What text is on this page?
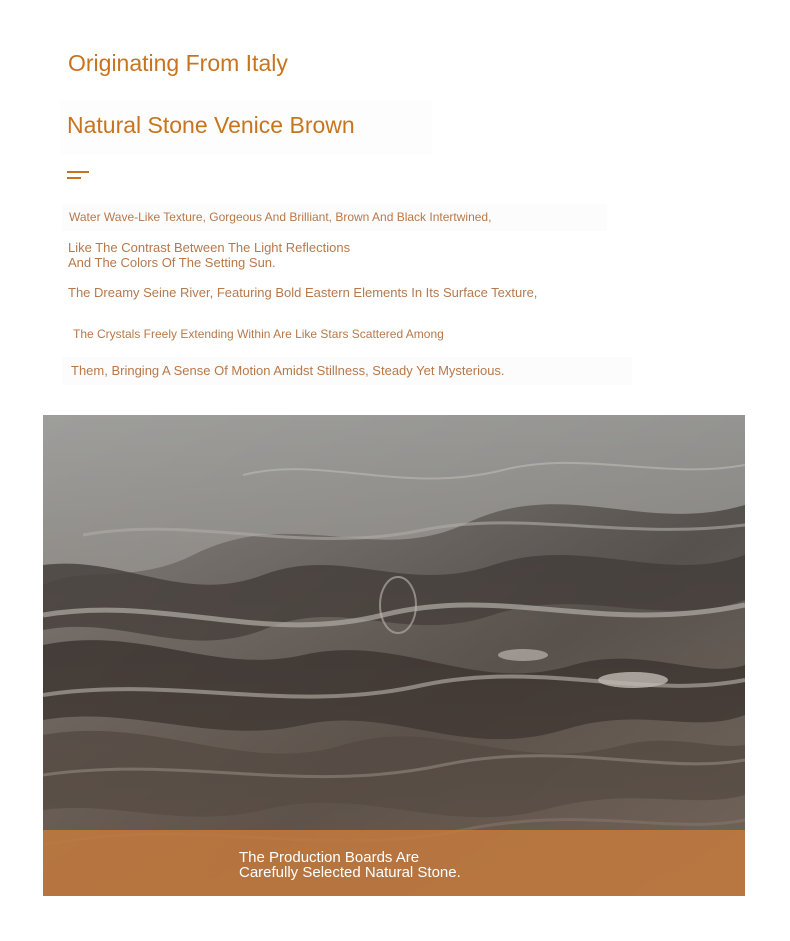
Originating From Italy
Natural Stone Venice Brown
Water Wave-Like Texture, Gorgeous And Brilliant, Brown And Black Intertwined,
Like The Contrast Between The Light Reflections
And The Colors Of The Setting Sun.
The Dreamy Seine River, Featuring Bold Eastern Elements In Its Surface Texture,
The Crystals Freely Extending Within Are Like Stars Scattered Among
Them, Bringing A Sense Of Motion Amidst Stillness, Steady Yet Mysterious.
The Production Boards Are
Carefully Selected Natural Stone.
